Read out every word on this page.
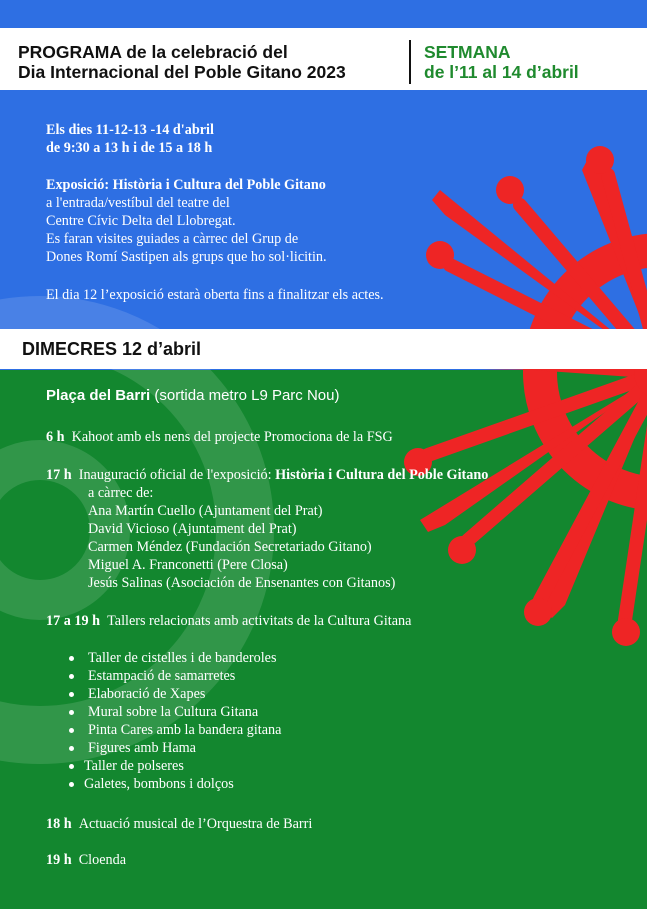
PROGRAMA de la celebració del
Dia Internacional del Poble Gitano 2023
SETMANA
de l’11 al 14 d’abril
Els dies 11-12-13 -14 d'abril
de 9:30 a 13 h i de 15 a 18 h
Exposició: Història i Cultura del Poble Gitano
a l'entrada/vestíbul del teatre del
Centre Cívic Delta del Llobregat.
Es faran visites guiades a càrrec del Grup de
Dones Romí Sastipen als grups que ho sol·licitin.
El dia 12 l’exposició estarà oberta fins a finalitzar els actes.
DIMECRES 12 d’abril
Plaça del Barri (sortida metro L9 Parc Nou)
6 h Kahoot amb els nens del projecte Promociona de la FSG
17 h Inauguració oficial de l'exposició: Història i Cultura del Poble Gitano
a càrrec de:
Ana Martín Cuello (Ajuntament del Prat)
David Vicioso (Ajuntament del Prat)
Carmen Méndez (Fundación Secretariado Gitano)
Miguel A. Franconetti (Pere Closa)
Jesús Salinas (Asociación de Ensenantes con Gitanos)
17 a 19 h Tallers relacionats amb activitats de la Cultura Gitana
Taller de cistelles i de banderoles
Estampació de samarretes
Elaboració de Xapes
Mural sobre la Cultura Gitana
Pinta Cares amb la bandera gitana
Figures amb Hama
Taller de polseres
Galetes, bombons i dolços
18 h Actuació musical de l’Orquestra de Barri
19 h Cloenda
